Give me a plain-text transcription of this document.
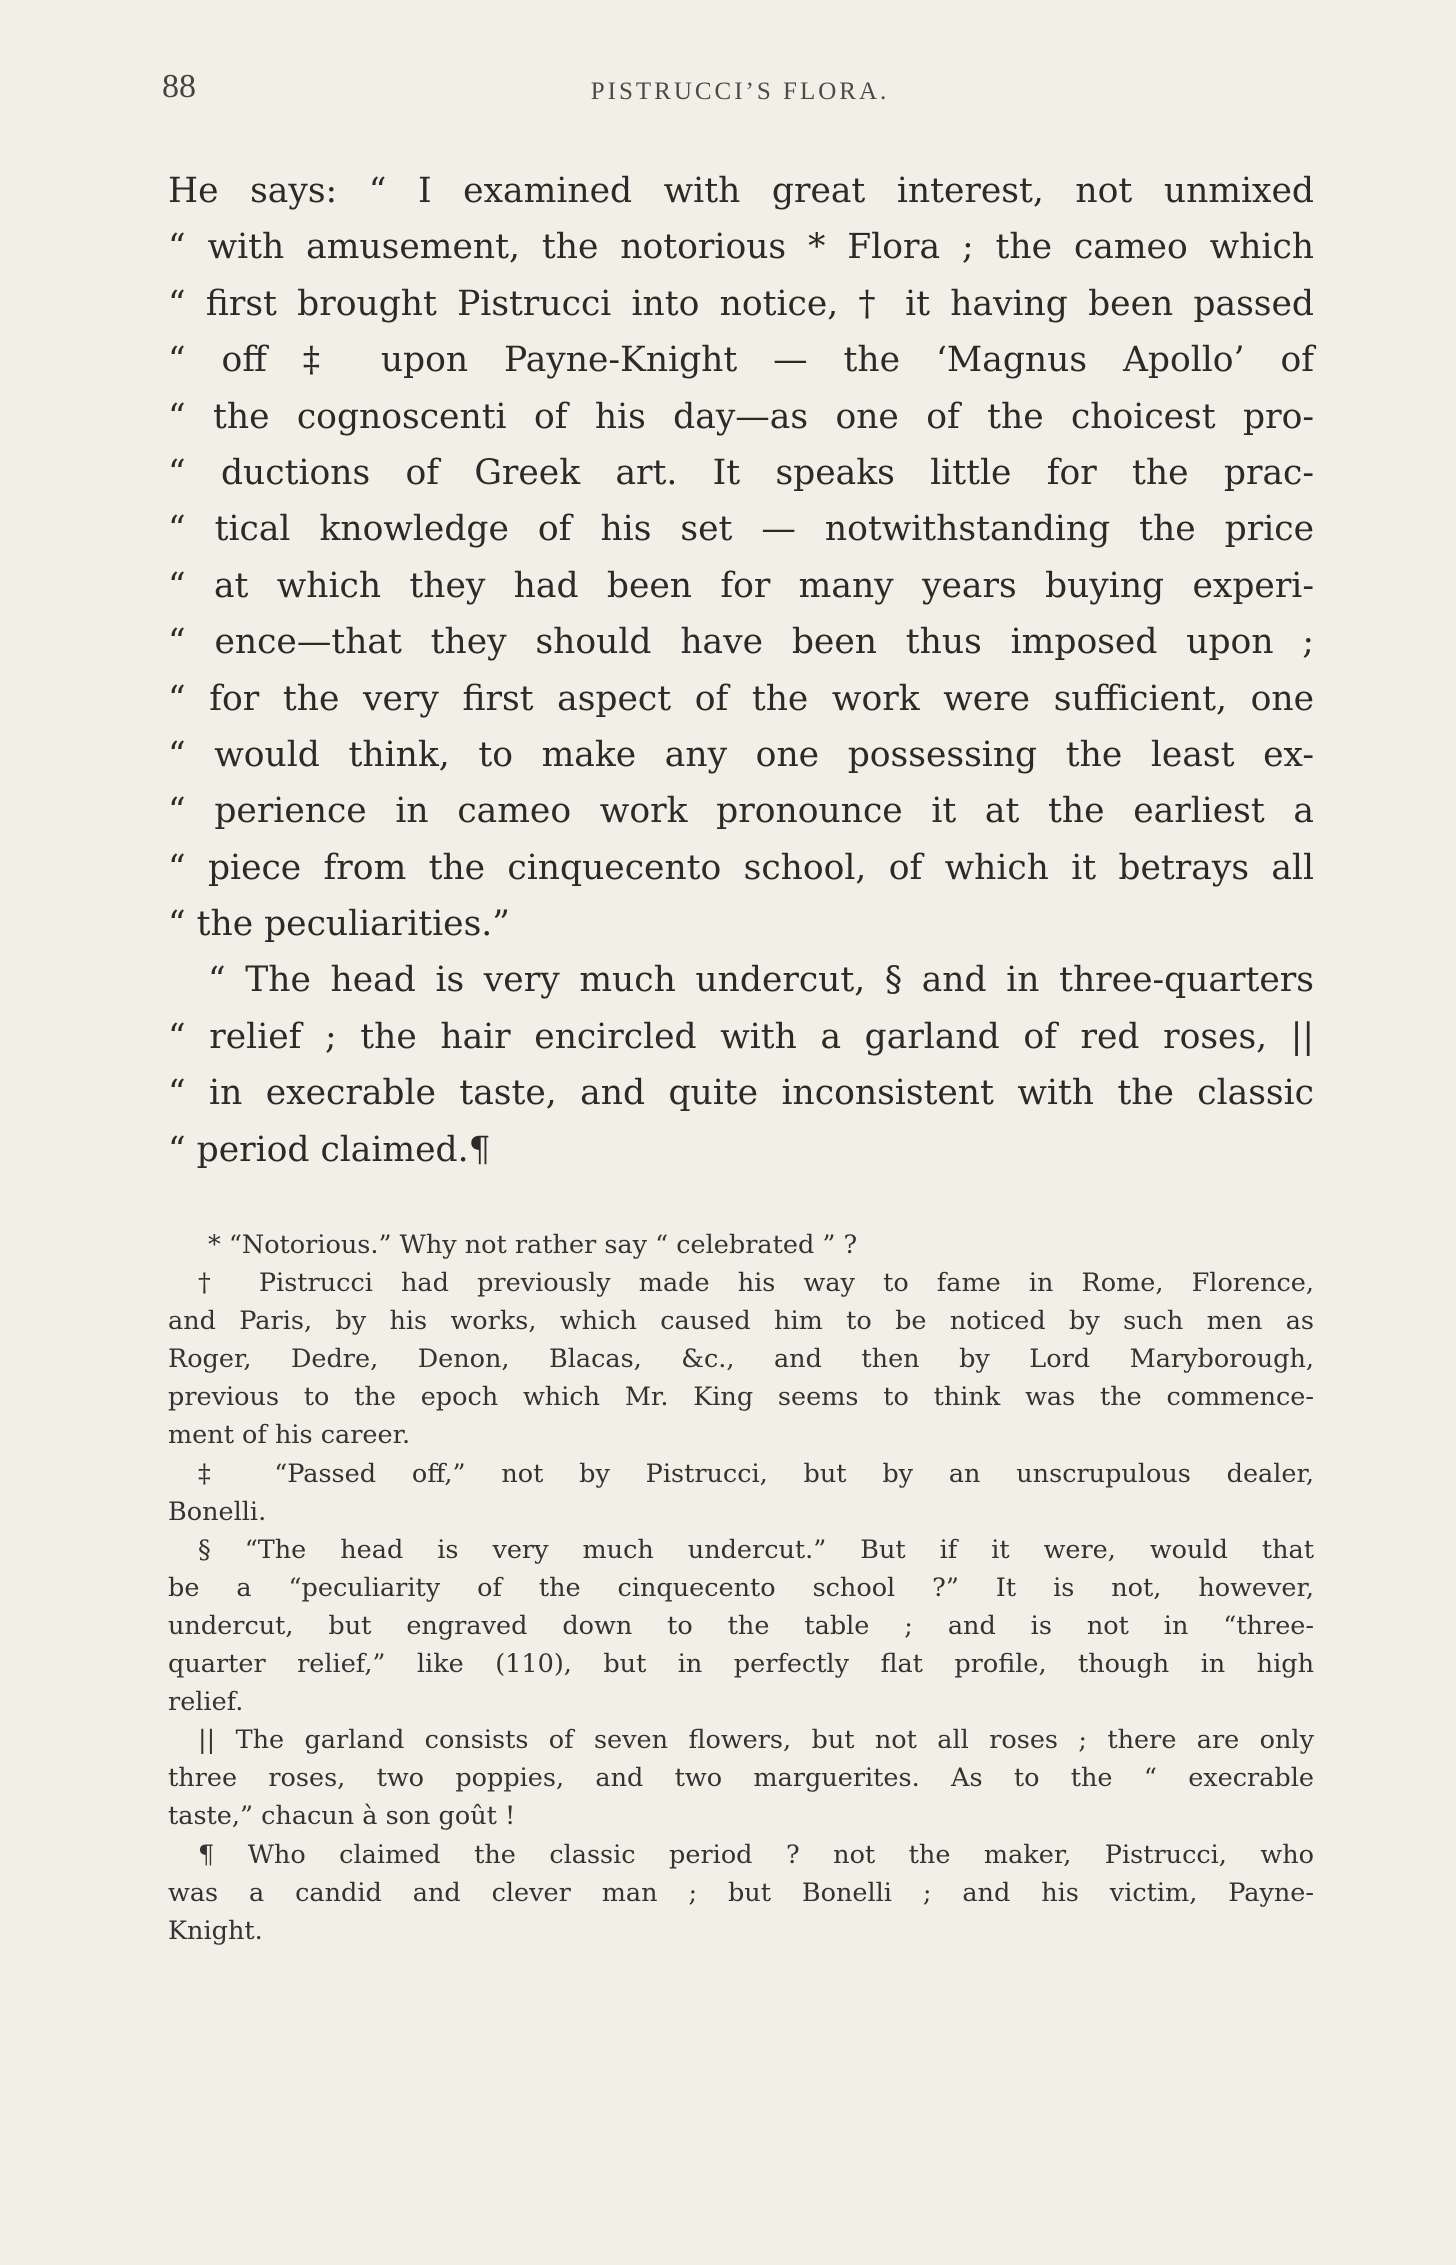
88	PISTRUCCI’S FLORA.
He says: “ I examined with great interest, not unmixed
“ with amusement, the notorious * Flora ; the cameo which
“ first brought Pistrucci into notice, † it having been passed
“ off ‡ upon Payne-Knight — the ‘Magnus Apollo’ of
“ the cognoscenti of his day—as one of the choicest pro-
“ ductions of Greek art. It speaks little for the prac-
“ tical knowledge of his set — notwithstanding the price
“ at which they had been for many years buying experi-
“ ence—that they should have been thus imposed upon ;
“ for the very first aspect of the work were sufficient, one
“ would think, to make any one possessing the least ex-
“ perience in cameo work pronounce it at the earliest a
“ piece from the cinquecento school, of which it betrays all
“ the peculiarities.”
“ The head is very much undercut, § and in three-quarters
“ relief ; the hair encircled with a garland of red roses, ||
“ in execrable taste, and quite inconsistent with the classic
“ period claimed.¶
* “Notorious.” Why not rather say “ celebrated ” ?
† Pistrucci had previously made his way to fame in Rome, Florence,
and Paris, by his works, which caused him to be noticed by such men as
Roger, Dedre, Denon, Blacas, &c., and then by Lord Maryborough,
previous to the epoch which Mr. King seems to think was the commence-
ment of his career.
‡ “Passed off,” not by Pistrucci, but by an unscrupulous dealer,
Bonelli.
§ “The head is very much undercut.” But if it were, would that
be a “peculiarity of the cinquecento school ?” It is not, however,
undercut, but engraved down to the table ; and is not in “three-
quarter relief,” like (110), but in perfectly flat profile, though in high
relief.
|| The garland consists of seven flowers, but not all roses ; there are only
three roses, two poppies, and two marguerites. As to the “ execrable
taste,” chacun à son goût !
¶ Who claimed the classic period ? not the maker, Pistrucci, who
was a candid and clever man ; but Bonelli ; and his victim, Payne-
Knight.
